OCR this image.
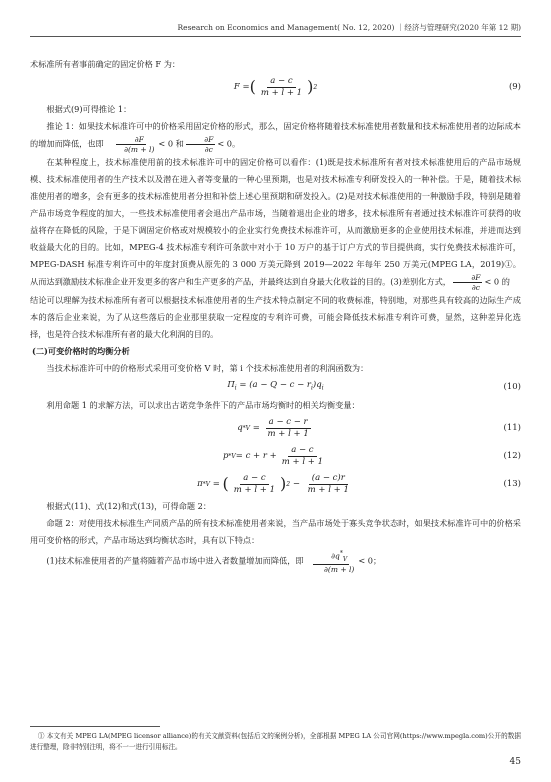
Research on Economics and Management( No. 12, 2020) ｜经济与管理研究(2020 年第 12 期)

术标准所有者事前确定的固定价格 F 为：

F = ( $\frac{a - c}{m + l + 1}$ ) 2	(9)

根据式(9)可得推论 1：

推论 1：如果技术标准许可中的价格采用固定价格的形式，那么，固定价格将随着技术标准使用者数量和技术标准使用者的边际成本的增加而降低，也即 $\frac{\partial F}{\partial(m + l)} < 0$ 和 $\frac{\partial F}{\partial c} < 0$。

在某种程度上，技术标准使用前的技术标准许可中的固定价格可以看作：(1)既是技术标准所有者对技术标准使用后的产品市场规模、技术标准使用者的生产技术以及潜在进入者等变量的一种心里预期，也是对技术标准专利研发投入的一种补偿。于是，随着技术标准使用者的增多，会有更多的技术标准使用者分担和补偿上述心里预期和研发投入。(2)是对技术标准使用的一种激励手段，特别是随着产品市场竞争程度的加大，一些技术标准使用者会退出产品市场，当随着退出企业的增多，技术标准所有者通过技术标准许可获得的收益将存在降低的风险，于是下调固定价格或对规模较小的企业实行免费技术标准许可，从而激励更多的企业使用技术标准，并进而达到收益最大化的目的。比如，MPEG-4 技术标准专利许可条款中对小于 10 万户的基于订户方式的节目提供商，实行免费技术标准许可，MPEG-DASH 标准专利许可中的年度封顶费从原先的 3 000 万美元降到 2019—2022 年每年 250 万美元(MPEG LA，2019)①。从而达到激励技术标准企业开发更多的客户和生产更多的产品，并最终达到自身最大化收益的目的。(3)差别化方式， $\frac{\partial F}{\partial c} < 0$ 的

结论可以理解为技术标准所有者可以根据技术标准使用者的生产技术特点制定不同的收费标准，特别地，对那些具有较高的边际生产成本的落后企业来说，为了从这些落后的企业那里获取一定程度的专利许可费，可能会降低技术标准专利许可费，显然，这种差异化选择，也是符合技术标准所有者的最大化利润的目的。

(二)可变价格时的均衡分析

当技术标准许可中的价格形式采用可变价格 V 时，第 i 个技术标准使用者的利润函数为：

$\Pi_i = (a - Q - c - r_i)q_i$	(10)

利用命题 1 的求解方法，可以求出古诺竞争条件下的产品市场均衡时的相关均衡变量：

$q * V = \frac{a - c - r}{m + l + 1}$	(11)
$p * V = c + r + \frac{a - c}{m + l + 1}$	(12)
π * V = ( $\frac{a - c}{m + l + 1}$ ) $2 - \frac{(a - c)r}{m + l + 1}$	(13)

根据式(11)、式(12)和式(13)，可得命题 2：

命题 2：对使用技术标准生产同质产品的所有技术标准使用者来说，当产品市场处于寡头竞争状态时，如果技术标准许可中的价格采用可变价格的形式，产品市场达到均衡状态时，具有以下特点：

(1)技术标准使用者的产量将随着产品市场中进入者数量增加而降低，即 $\frac{\partial q^*_V}{\partial(m + l)} < 0$；

① 本文有关 MPEG LA(MPEG licensor alliance)的有关文献资料(包括后文的案例分析)，全部根据 MPEG LA 公司官网(https://www.mpegla.com)公开的数据进行整理，除非特别注明，将不一一进行引用标注。
45
